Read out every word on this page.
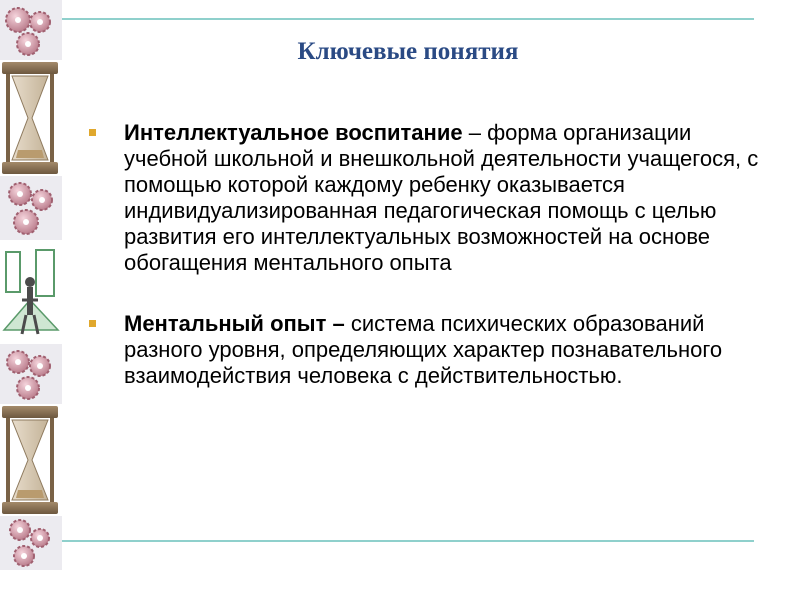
Ключевые понятия
Интеллектуальное воспитание – форма организации учебной школьной и внешкольной деятельности учащегося, с помощью которой каждому ребенку оказывается индивидуализированная педагогическая помощь с целью развития его интеллектуальных возможностей на основе обогащения ментального опыта
Ментальный опыт – система психических образований разного уровня, определяющих характер познавательного взаимодействия человека с действительностью.
